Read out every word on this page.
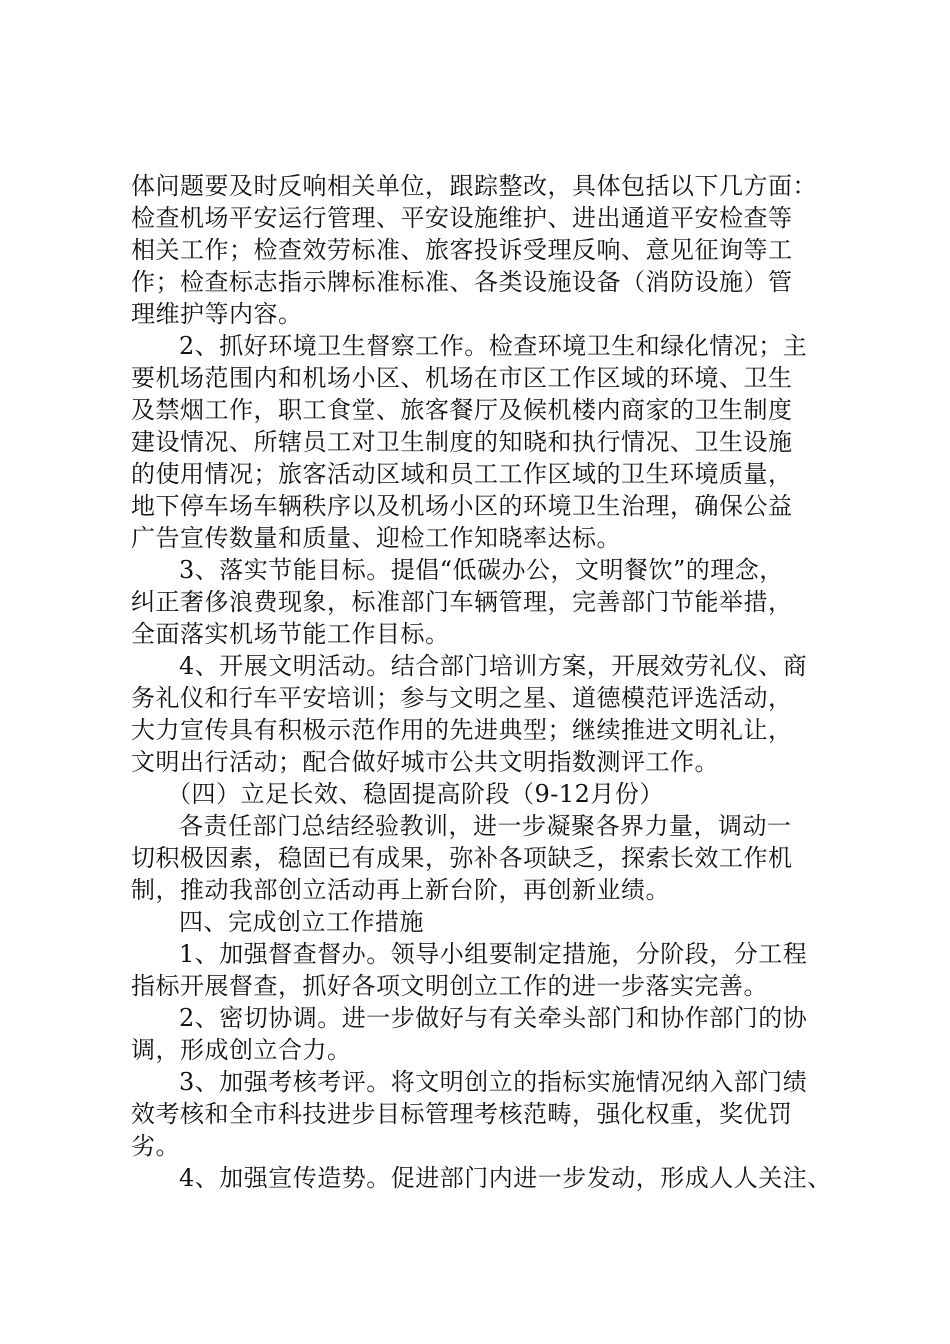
体问题要及时反响相关单位，跟踪整改，具体包括以下几方面：
检查机场平安运行管理、平安设施维护、进出通道平安检查等
相关工作；检查效劳标准、旅客投诉受理反响、意见征询等工
作；检查标志指示牌标准标准、各类设施设备（消防设施）管
理维护等内容。
2、抓好环境卫生督察工作。检查环境卫生和绿化情况；主
要机场范围内和机场小区、机场在市区工作区域的环境、卫生
及禁烟工作，职工食堂、旅客餐厅及候机楼内商家的卫生制度
建设情况、所辖员工对卫生制度的知晓和执行情况、卫生设施
的使用情况；旅客活动区域和员工工作区域的卫生环境质量，
地下停车场车辆秩序以及机场小区的环境卫生治理，确保公益
广告宣传数量和质量、迎检工作知晓率达标。
3、落实节能目标。提倡“低碳办公，文明餐饮”的理念，
纠正奢侈浪费现象，标准部门车辆管理，完善部门节能举措，
全面落实机场节能工作目标。
4、开展文明活动。结合部门培训方案，开展效劳礼仪、商
务礼仪和行车平安培训；参与文明之星、道德模范评选活动，
大力宣传具有积极示范作用的先进典型；继续推进文明礼让，
文明出行活动；配合做好城市公共文明指数测评工作。
（四）立足长效、稳固提高阶段（9-12月份）
各责任部门总结经验教训，进一步凝聚各界力量，调动一
切积极因素，稳固已有成果，弥补各项缺乏，探索长效工作机
制，推动我部创立活动再上新台阶，再创新业绩。
四、完成创立工作措施
1、加强督查督办。领导小组要制定措施，分阶段，分工程
指标开展督查，抓好各项文明创立工作的进一步落实完善。
2、密切协调。进一步做好与有关牵头部门和协作部门的协
调，形成创立合力。
3、加强考核考评。将文明创立的指标实施情况纳入部门绩
效考核和全市科技进步目标管理考核范畴，强化权重，奖优罚
劣。
4、加强宣传造势。促进部门内进一步发动，形成人人关注、
